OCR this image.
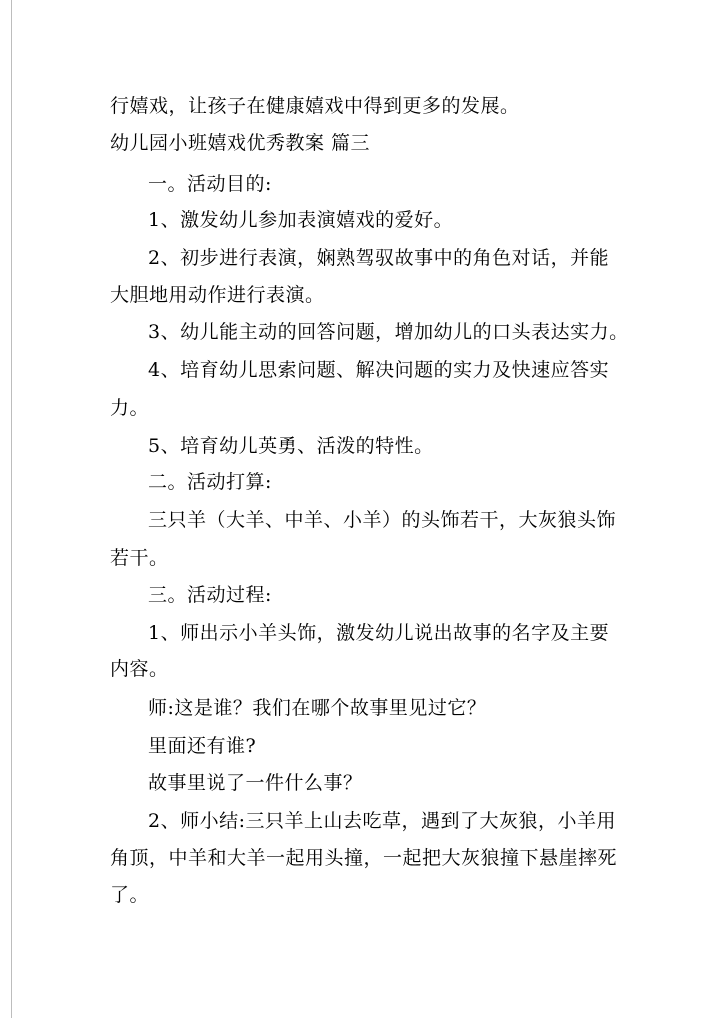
行嬉戏，让孩子在健康嬉戏中得到更多的发展。
幼儿园小班嬉戏优秀教案 篇三
一。活动目的:
1、激发幼儿参加表演嬉戏的爱好。
2、初步进行表演，娴熟驾驭故事中的角色对话，并能
大胆地用动作进行表演。
3、幼儿能主动的回答问题，增加幼儿的口头表达实力。
4、培育幼儿思索问题、解决问题的实力及快速应答实
力。
5、培育幼儿英勇、活泼的特性。
二。活动打算:
三只羊（大羊、中羊、小羊）的头饰若干，大灰狼头饰
若干。
三。活动过程:
1、师出示小羊头饰，激发幼儿说出故事的名字及主要
内容。
师:这是谁？我们在哪个故事里见过它？
里面还有谁?
故事里说了一件什么事？
2、师小结:三只羊上山去吃草，遇到了大灰狼，小羊用
角顶，中羊和大羊一起用头撞，一起把大灰狼撞下悬崖摔死
了。
